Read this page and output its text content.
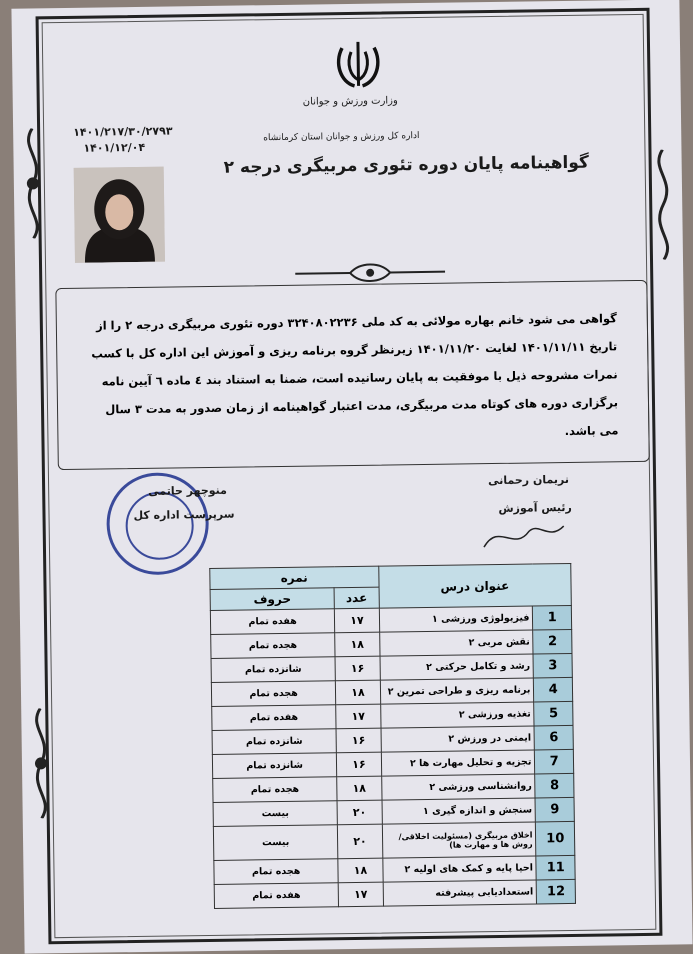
وزارت ورزش و جوانان
اداره کل ورزش و جوانان استان کرمانشاه
۱۴۰۱/۲۱۷/۳۰/۲۷۹۳
۱۴۰۱/۱۲/۰۴
گواهینامه پایان دوره تئوری مربیگری درجه ۲
گواهی می شود خانم بهاره مولائی به کد ملی ۳۲۴۰۸۰۲۲۳۶ دوره تئوری مربیگری درجه ۲ را از
تاریخ ۱۴۰۱/۱۱/۱۱ لغایت ۱۴۰۱/۱۱/۲۰ زیرنظر گروه برنامه ریزی و آموزش این اداره کل با کسب
نمرات مشروحه ذیل با موفقیت به پایان رسانیده است، ضمنا به استناد بند ٤ ماده ٦ آیین نامه
برگزاری دوره های کوتاه مدت مربیگری، مدت اعتبار گواهینامه از زمان صدور به مدت ۳ سال
می باشد.
منوچهر حاتمی
سرپرست اداره کل
نریمان رحمانی
رئیس آموزش
نمره		عنوان درس	
حروف	عدد		
هفده تمام	۱۷	فیزیولوژی ورزشی ۱	1
هجده تمام	۱۸	نقش مربی ۲	2
شانزده تمام	۱۶	رشد و تکامل حرکتی ۲	3
هجده تمام	۱۸	برنامه ریزی و طراحی تمرین ۲	4
هفده تمام	۱۷	تغذیه ورزشی ۲	5
شانزده تمام	۱۶	ایمنی در ورزش ۲	6
شانزده تمام	۱۶	تجزیه و تحلیل مهارت ها ۲	7
هجده تمام	۱۸	روانشناسی ورزشی ۲	8
بیست	۲۰	سنجش و اندازه گیری ۱	9
بیست	۲۰	اخلاق مربیگری (مسئولیت اخلاقی/ روش ها و مهارت ها)	10
هجده تمام	۱۸	احیا پایه و کمک های اولیه ۲	11
هفده تمام	۱۷	استعدادیابی پیشرفته	12
